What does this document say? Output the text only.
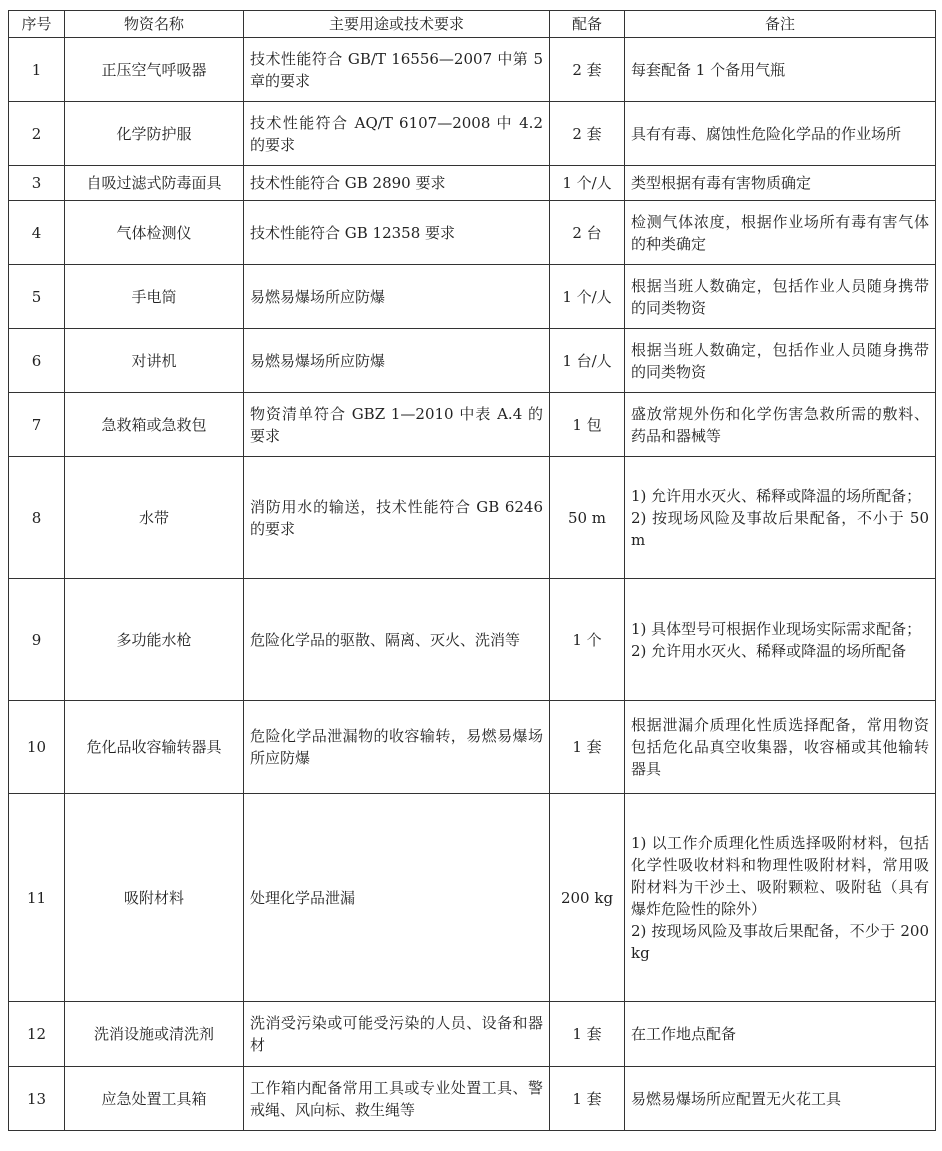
序号	物资名称	主要用途或技术要求	配备	备注
1	正压空气呼吸器	技术性能符合 GB/T 16556—2007 中第 5 章的要求	2 套	每套配备 1 个备用气瓶

2	化学防护服	技术性能符合 AQ/T 6107—2008 中 4.2 的要求	2 套	具有有毒、腐蚀性危险化学品的作业场所

3	自吸过滤式防毒面具	技术性能符合 GB 2890 要求	1 个/人	类型根据有毒有害物质确定

4	气体检测仪	技术性能符合 GB 12358 要求	2 台	检测气体浓度，根据作业场所有毒有害气体的种类确定

5	手电筒	易燃易爆场所应防爆	1 个/人	根据当班人数确定，包括作业人员随身携带的同类物资

6	对讲机	易燃易爆场所应防爆	1 台/人	根据当班人数确定，包括作业人员随身携带的同类物资

7	急救箱或急救包	物资清单符合 GBZ 1—2010 中表 A.4 的要求	1 包	盛放常规外伤和化学伤害急救所需的敷料、药品和器械等

8	水带	消防用水的输送，技术性能符合 GB 6246 的要求	50 m	1) 允许用水灭火、稀释或降温的场所配备；
2) 按现场风险及事故后果配备，不小于 50 m

9	多功能水枪	危险化学品的驱散、隔离、灭火、洗消等	1 个	1) 具体型号可根据作业现场实际需求配备；
2) 允许用水灭火、稀释或降温的场所配备

10	危化品收容输转器具	危险化学品泄漏物的收容输转，易燃易爆场所应防爆	1 套	根据泄漏介质理化性质选择配备，常用物资包括危化品真空收集器，收容桶或其他输转器具

11	吸附材料	处理化学品泄漏	200 kg	1) 以工作介质理化性质选择吸附材料，包括化学性吸收材料和物理性吸附材料，常用吸附材料为干沙土、吸附颗粒、吸附毡（具有爆炸危险性的除外）
2) 按现场风险及事故后果配备，不少于 200 kg

12	洗消设施或清洗剂	洗消受污染或可能受污染的人员、设备和器材	1 套	在工作地点配备

13	应急处置工具箱	工作箱内配备常用工具或专业处置工具、警戒绳、风向标、救生绳等	1 套	易燃易爆场所应配置无火花工具
